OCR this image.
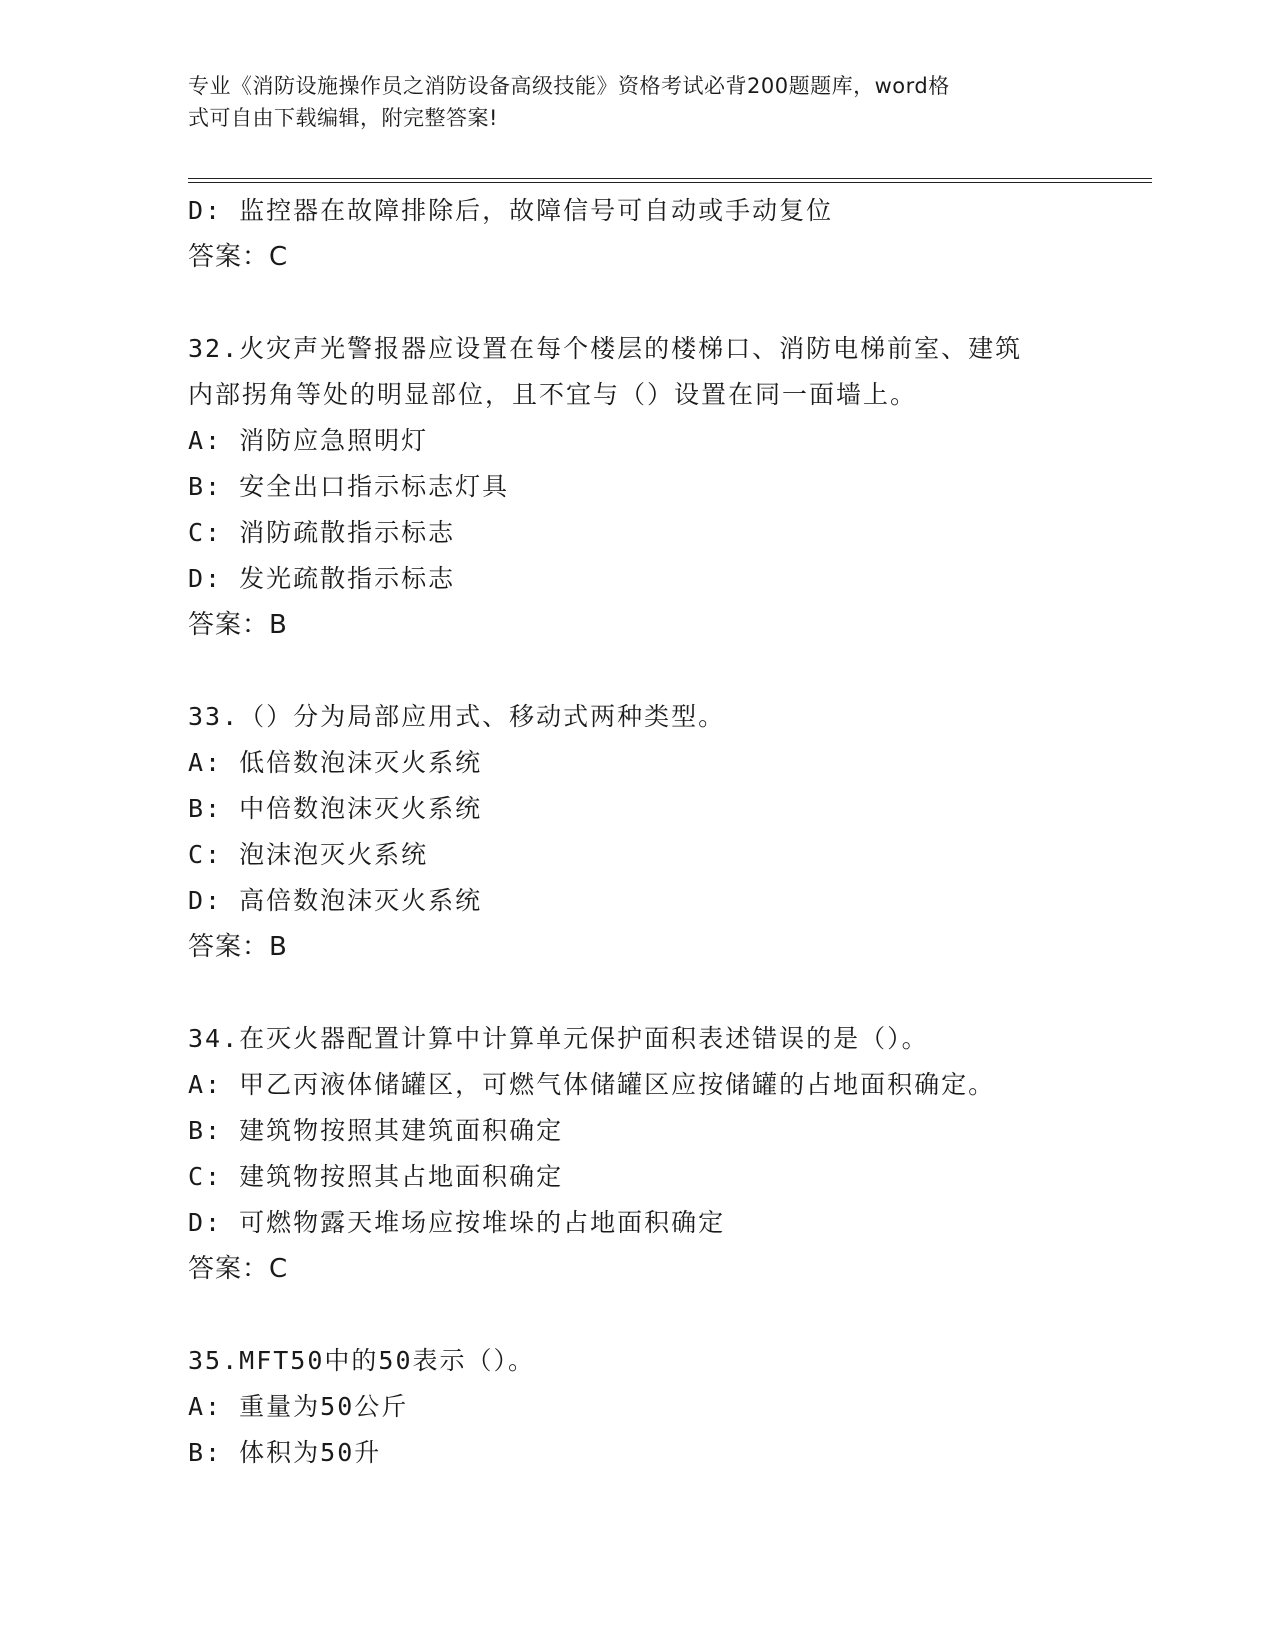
专业《消防设施操作员之消防设备高级技能》资格考试必背200题题库，word格
式可自由下载编辑，附完整答案!
D: 监控器在故障排除后，故障信号可自动或手动复位
答案：C
32.火灾声光警报器应设置在每个楼层的楼梯口、消防电梯前室、建筑
内部拐角等处的明显部位，且不宜与（）设置在同一面墙上。
A: 消防应急照明灯
B: 安全出口指示标志灯具
C: 消防疏散指示标志
D: 发光疏散指示标志
答案：B
33.（）分为局部应用式、移动式两种类型。
A: 低倍数泡沫灭火系统
B: 中倍数泡沫灭火系统
C: 泡沫泡灭火系统
D: 高倍数泡沫灭火系统
答案：B
34.在灭火器配置计算中计算单元保护面积表述错误的是（）。
A: 甲乙丙液体储罐区，可燃气体储罐区应按储罐的占地面积确定。
B: 建筑物按照其建筑面积确定
C: 建筑物按照其占地面积确定
D: 可燃物露天堆场应按堆垛的占地面积确定
答案：C
35.MFT50中的50表示（）。
A: 重量为50公斤
B: 体积为50升
